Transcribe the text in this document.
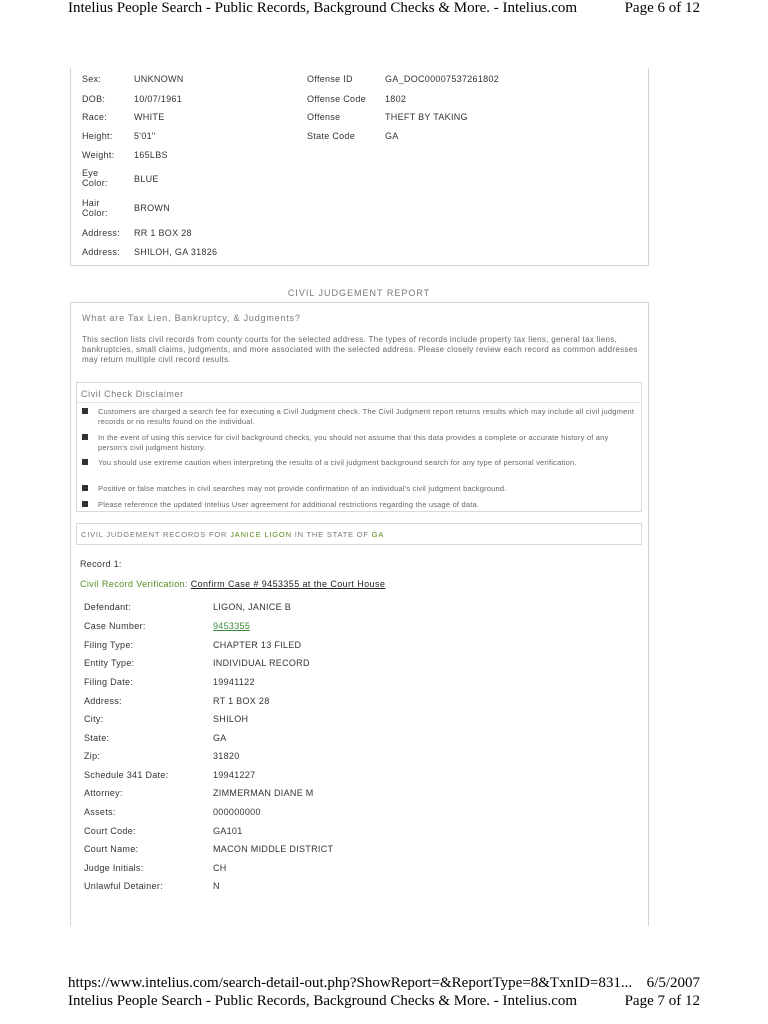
Intelius People Search - Public Records, Background Checks & More. - Intelius.com	Page 6 of 12
Sex:	UNKNOWN
DOB:	10/07/1961
Race:	WHITE
Height: 5'01"
Weight: 165LBS
Eye Color:	BLUE
Hair Color:	BROWN
Address: RR 1 BOX 28
Address: SHILOH, GA 31826
Offense ID	GA_DOC00007537261802
Offense Code 1802
Offense	THEFT BY TAKING
State Code	GA
CIVIL JUDGEMENT REPORT
What are Tax Lien, Bankruptcy, & Judgments?
This section lists civil records from county courts for the selected address. The types of records include property tax liens, general tax liens, bankruptcies, small claims, judgments, and more associated with the selected address. Please closely review each record as common addresses may return multiple civil record results.
Civil Check Disclaimer
Customers are charged a search fee for executing a Civil Judgment check. The Civil Judgment report returns results which may include all civil judgment records or no results found on the individual.
In the event of using this service for civil background checks, you should not assume that this data provides a complete or accurate history of any person's civil judgment history.
You should use extreme caution when interpreting the results of a civil judgment background search for any type of personal verification.
Positive or false matches in civil searches may not provide confirmation of an individual's civil judgment background.
Please reference the updated Intelius User agreement for additional restrictions regarding the usage of data.
CIVIL JUDGEMENT RECORDS FOR JANICE LIGON IN THE STATE OF GA
Record 1:
Civil Record Verification: Confirm Case # 9453355 at the Court House
Defendant:	LIGON, JANICE B
Case Number:	9453355
Filing Type:	CHAPTER 13 FILED
Entity Type:	INDIVIDUAL RECORD
Filing Date:	19941122
Address:	RT 1 BOX 28
City:	SHILOH
State:	GA
Zip:	31820
Schedule 341 Date:	19941227
Attorney:	ZIMMERMAN DIANE M
Assets:	000000000
Court Code:	GA101
Court Name:	MACON MIDDLE DISTRICT
Judge Initials:	CH
Unlawful Detainer:	N
https://www.intelius.com/search-detail-out.php?ShowReport=&ReportType=8&TxnID=831... 6/5/2007
Intelius People Search - Public Records, Background Checks & More. - Intelius.com	Page 7 of 12
